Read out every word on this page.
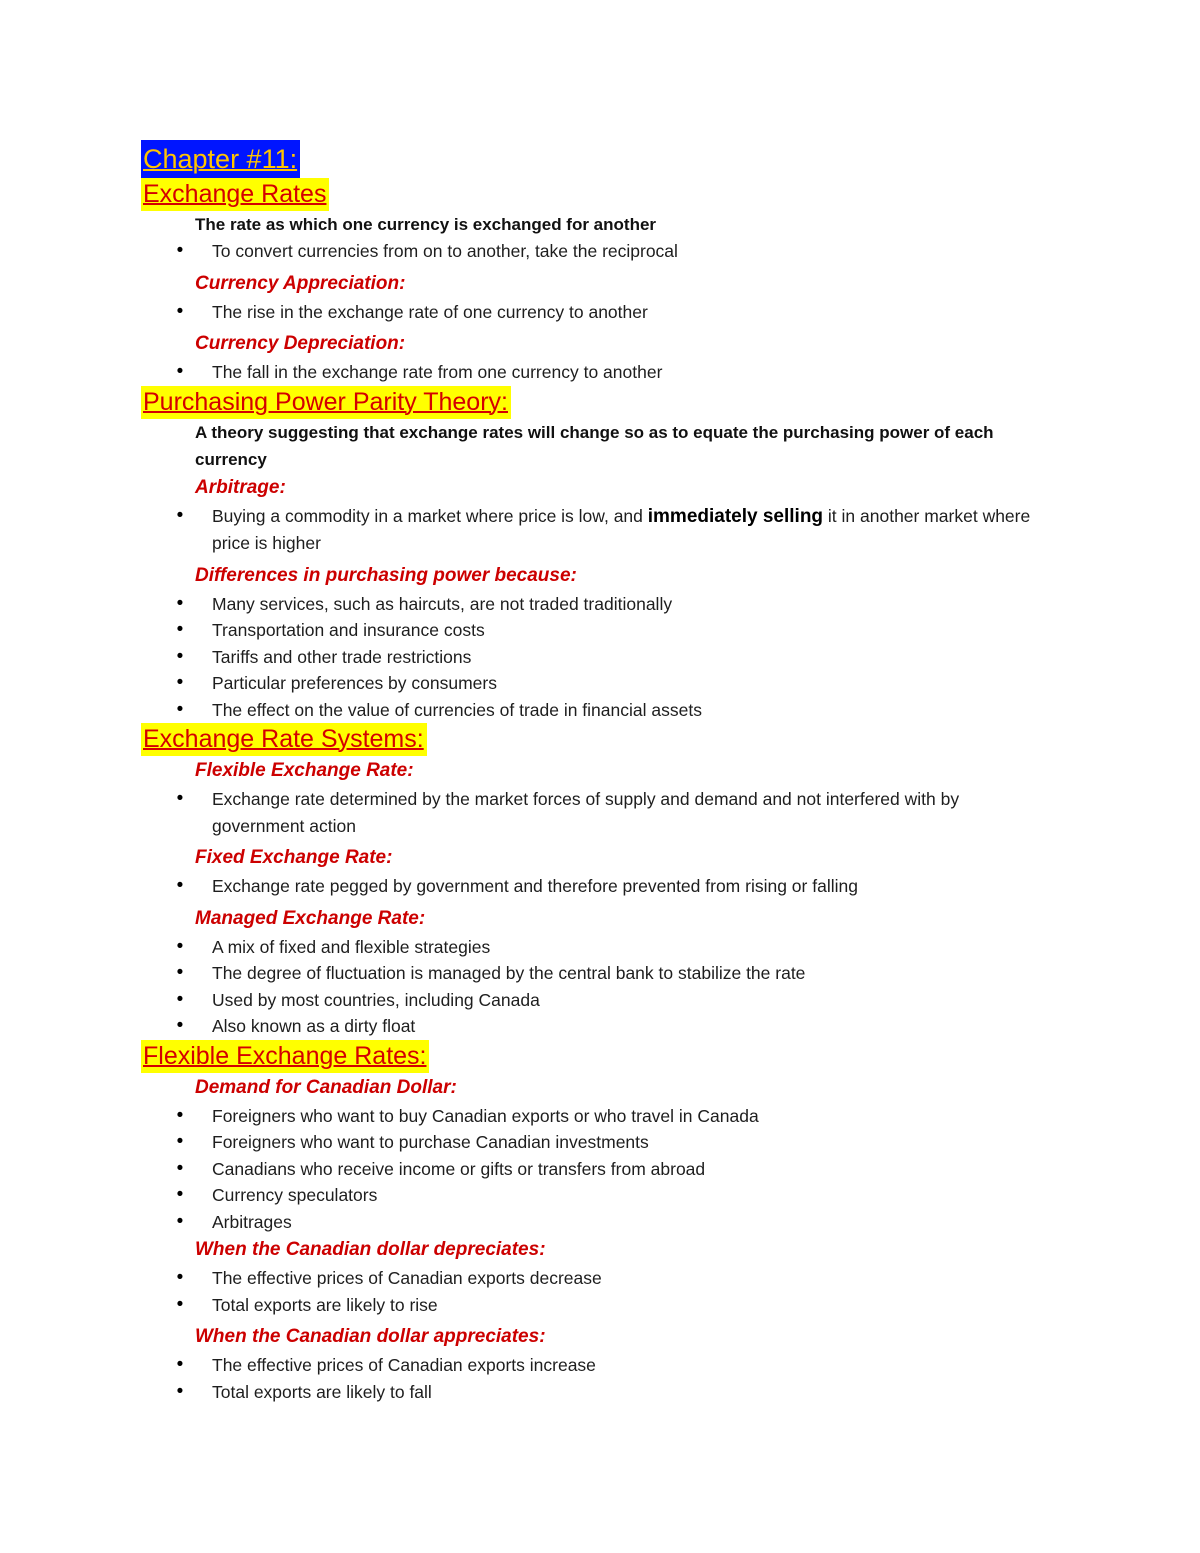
Chapter #11:
Exchange Rates
The rate as which one currency is exchanged for another
• To convert currencies from on to another, take the reciprocal
Currency Appreciation:
• The rise in the exchange rate of one currency to another
Currency Depreciation:
• The fall in the exchange rate from one currency to another
Purchasing Power Parity Theory:
A theory suggesting that exchange rates will change so as to equate the purchasing power of each currency
Arbitrage:
• Buying a commodity in a market where price is low, and immediately selling it in another market where price is higher
Differences in purchasing power because:
• Many services, such as haircuts, are not traded traditionally
• Transportation and insurance costs
• Tariffs and other trade restrictions
• Particular preferences by consumers
• The effect on the value of currencies of trade in financial assets
Exchange Rate Systems:
Flexible Exchange Rate:
• Exchange rate determined by the market forces of supply and demand and not interfered with by government action
Fixed Exchange Rate:
• Exchange rate pegged by government and therefore prevented from rising or falling
Managed Exchange Rate:
• A mix of fixed and flexible strategies
• The degree of fluctuation is managed by the central bank to stabilize the rate
• Used by most countries, including Canada
• Also known as a dirty float
Flexible Exchange Rates:
Demand for Canadian Dollar:
• Foreigners who want to buy Canadian exports or who travel in Canada
• Foreigners who want to purchase Canadian investments
• Canadians who receive income or gifts or transfers from abroad
• Currency speculators
• Arbitrages
When the Canadian dollar depreciates:
• The effective prices of Canadian exports decrease
• Total exports are likely to rise
When the Canadian dollar appreciates:
• The effective prices of Canadian exports increase
• Total exports are likely to fall
